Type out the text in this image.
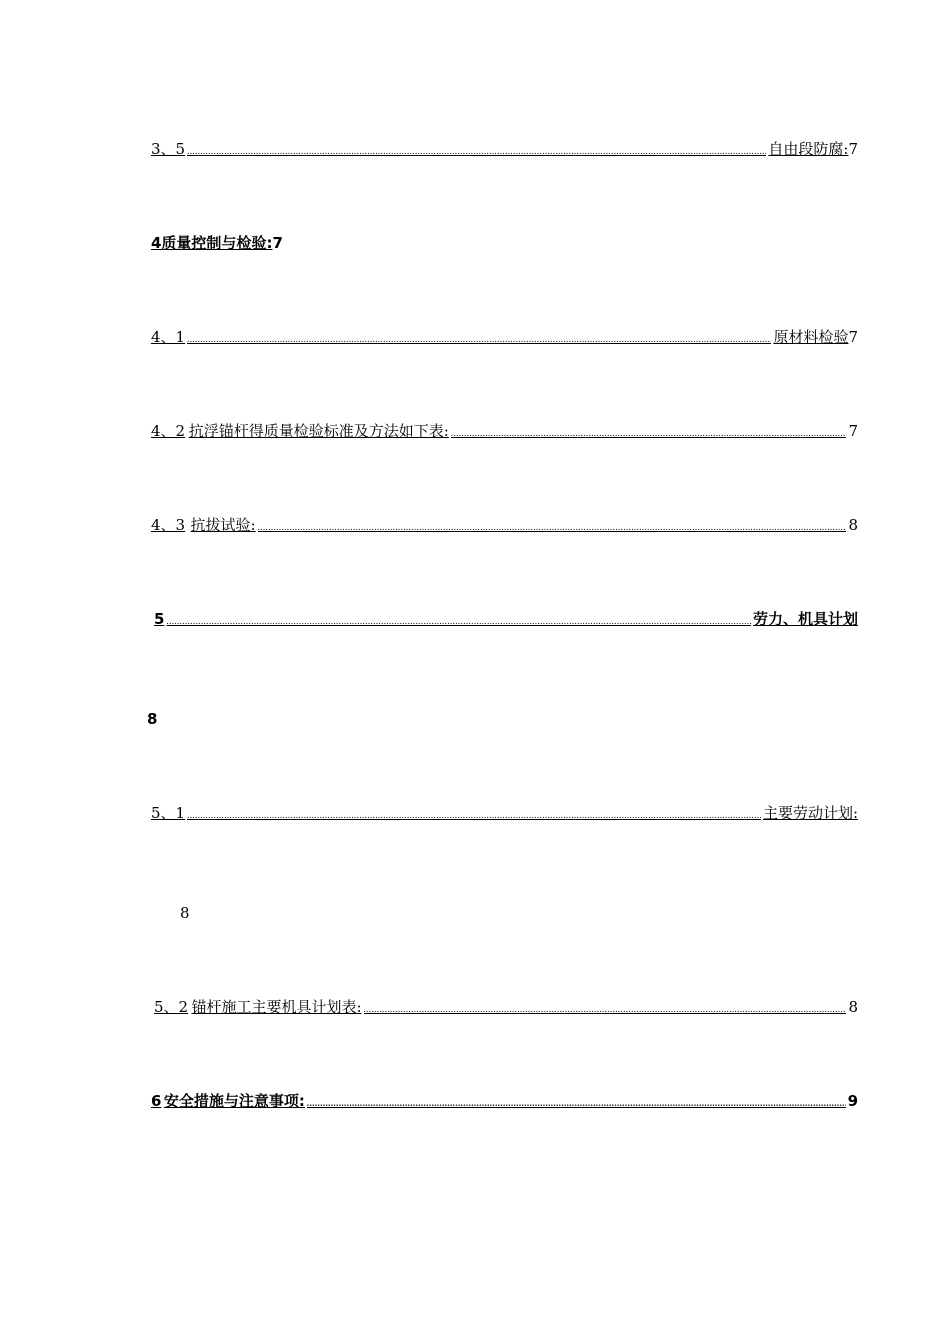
3、5 .....	自由段防腐: 7
4质量控制与检验: 7
4、1 .....	原材料检验 7
4、2 抗浮锚杆得质量检验标准及方法如下表: .....	7
4、3 抗拔试验: .....	8
5 .....	劳力、机具计划
8
5、1 .....	主要劳动计划:
8
5、2 锚杆施工主要机具计划表: .....	8
6 安全措施与注意事项: .....	9
